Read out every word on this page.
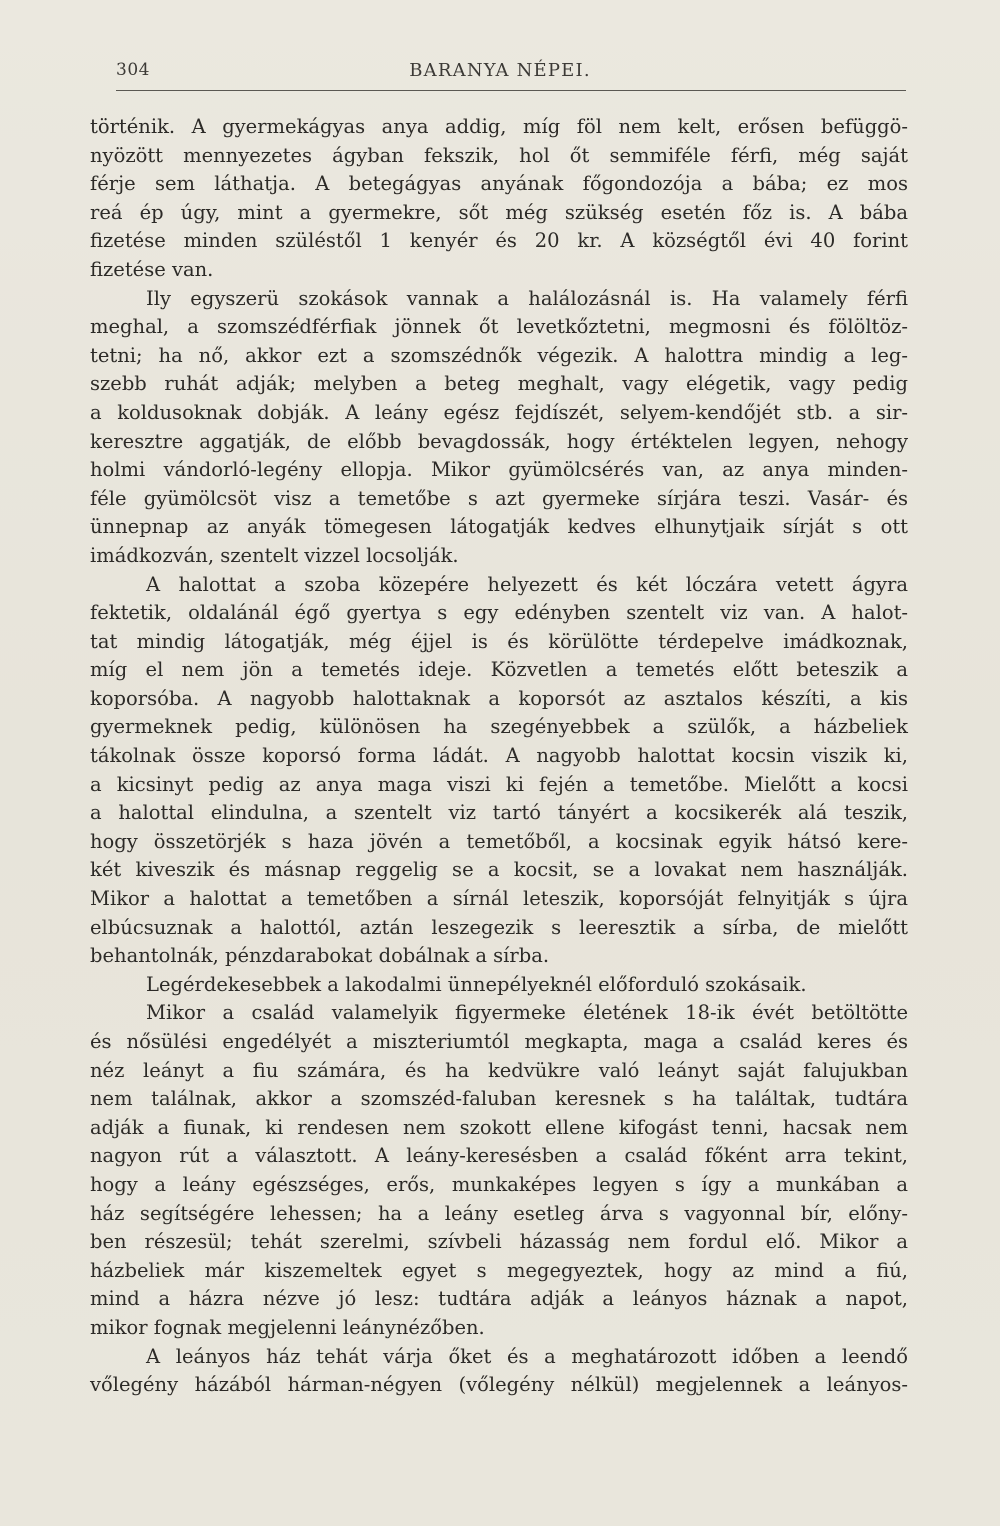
304	BARANYA NÉPEI.
történik. A gyermekágyas anya addig, míg föl nem kelt, erősen befüggö-
nyözött mennyezetes ágyban fekszik, hol őt semmiféle férfi, még saját
férje sem láthatja. A betegágyas anyának főgondozója a bába; ez mos
reá ép úgy, mint a gyermekre, sőt még szükség esetén főz is. A bába
fizetése minden szüléstől 1 kenyér és 20 kr. A községtől évi 40 forint
fizetése van.
Ily egyszerü szokások vannak a halálozásnál is. Ha valamely férfi
meghal, a szomszédférfiak jönnek őt levetkőztetni, megmosni és fölöltöz-
tetni; ha nő, akkor ezt a szomszédnők végezik. A halottra mindig a leg-
szebb ruhát adják; melyben a beteg meghalt, vagy elégetik, vagy pedig
a koldusoknak dobják. A leány egész fejdíszét, selyem-kendőjét stb. a sir-
keresztre aggatják, de előbb bevagdossák, hogy értéktelen legyen, nehogy
holmi vándorló-legény ellopja. Mikor gyümölcsérés van, az anya minden-
féle gyümölcsöt visz a temetőbe s azt gyermeke sírjára teszi. Vasár- és
ünnepnap az anyák tömegesen látogatják kedves elhunytjaik sírját s ott
imádkozván, szentelt vizzel locsolják.
A halottat a szoba közepére helyezett és két lóczára vetett ágyra
fektetik, oldalánál égő gyertya s egy edényben szentelt viz van. A halot-
tat mindig látogatják, még éjjel is és körülötte térdepelve imádkoznak,
míg el nem jön a temetés ideje. Közvetlen a temetés előtt beteszik a
koporsóba. A nagyobb halottaknak a koporsót az asztalos készíti, a kis
gyermeknek pedig, különösen ha szegényebbek a szülők, a házbeliek
tákolnak össze koporsó forma ládát. A nagyobb halottat kocsin viszik ki,
a kicsinyt pedig az anya maga viszi ki fején a temetőbe. Mielőtt a kocsi
a halottal elindulna, a szentelt viz tartó tányért a kocsikerék alá teszik,
hogy összetörjék s haza jövén a temetőből, a kocsinak egyik hátsó kere-
két kiveszik és másnap reggelig se a kocsit, se a lovakat nem használják.
Mikor a halottat a temetőben a sírnál leteszik, koporsóját felnyitják s újra
elbúcsuznak a halottól, aztán leszegezik s leeresztik a sírba, de mielőtt
behantolnák, pénzdarabokat dobálnak a sírba.
Legérdekesebbek a lakodalmi ünnepélyeknél előforduló szokásaik.
Mikor a család valamelyik figyermeke életének 18-ik évét betöltötte
és nősülési engedélyét a miszteriumtól megkapta, maga a család keres és
néz leányt a fiu számára, és ha kedvükre való leányt saját falujukban
nem találnak, akkor a szomszéd-faluban keresnek s ha találtak, tudtára
adják a fiunak, ki rendesen nem szokott ellene kifogást tenni, hacsak nem
nagyon rút a választott. A leány-keresésben a család főként arra tekint,
hogy a leány egészséges, erős, munkaképes legyen s így a munkában a
ház segítségére lehessen; ha a leány esetleg árva s vagyonnal bír, előny-
ben részesül; tehát szerelmi, szívbeli házasság nem fordul elő. Mikor a
házbeliek már kiszemeltek egyet s megegyeztek, hogy az mind a fiú,
mind a házra nézve jó lesz: tudtára adják a leányos háznak a napot,
mikor fognak megjelenni leánynézőben.
A leányos ház tehát várja őket és a meghatározott időben a leendő
vőlegény házából hárman-négyen (vőlegény nélkül) megjelennek a leányos-
